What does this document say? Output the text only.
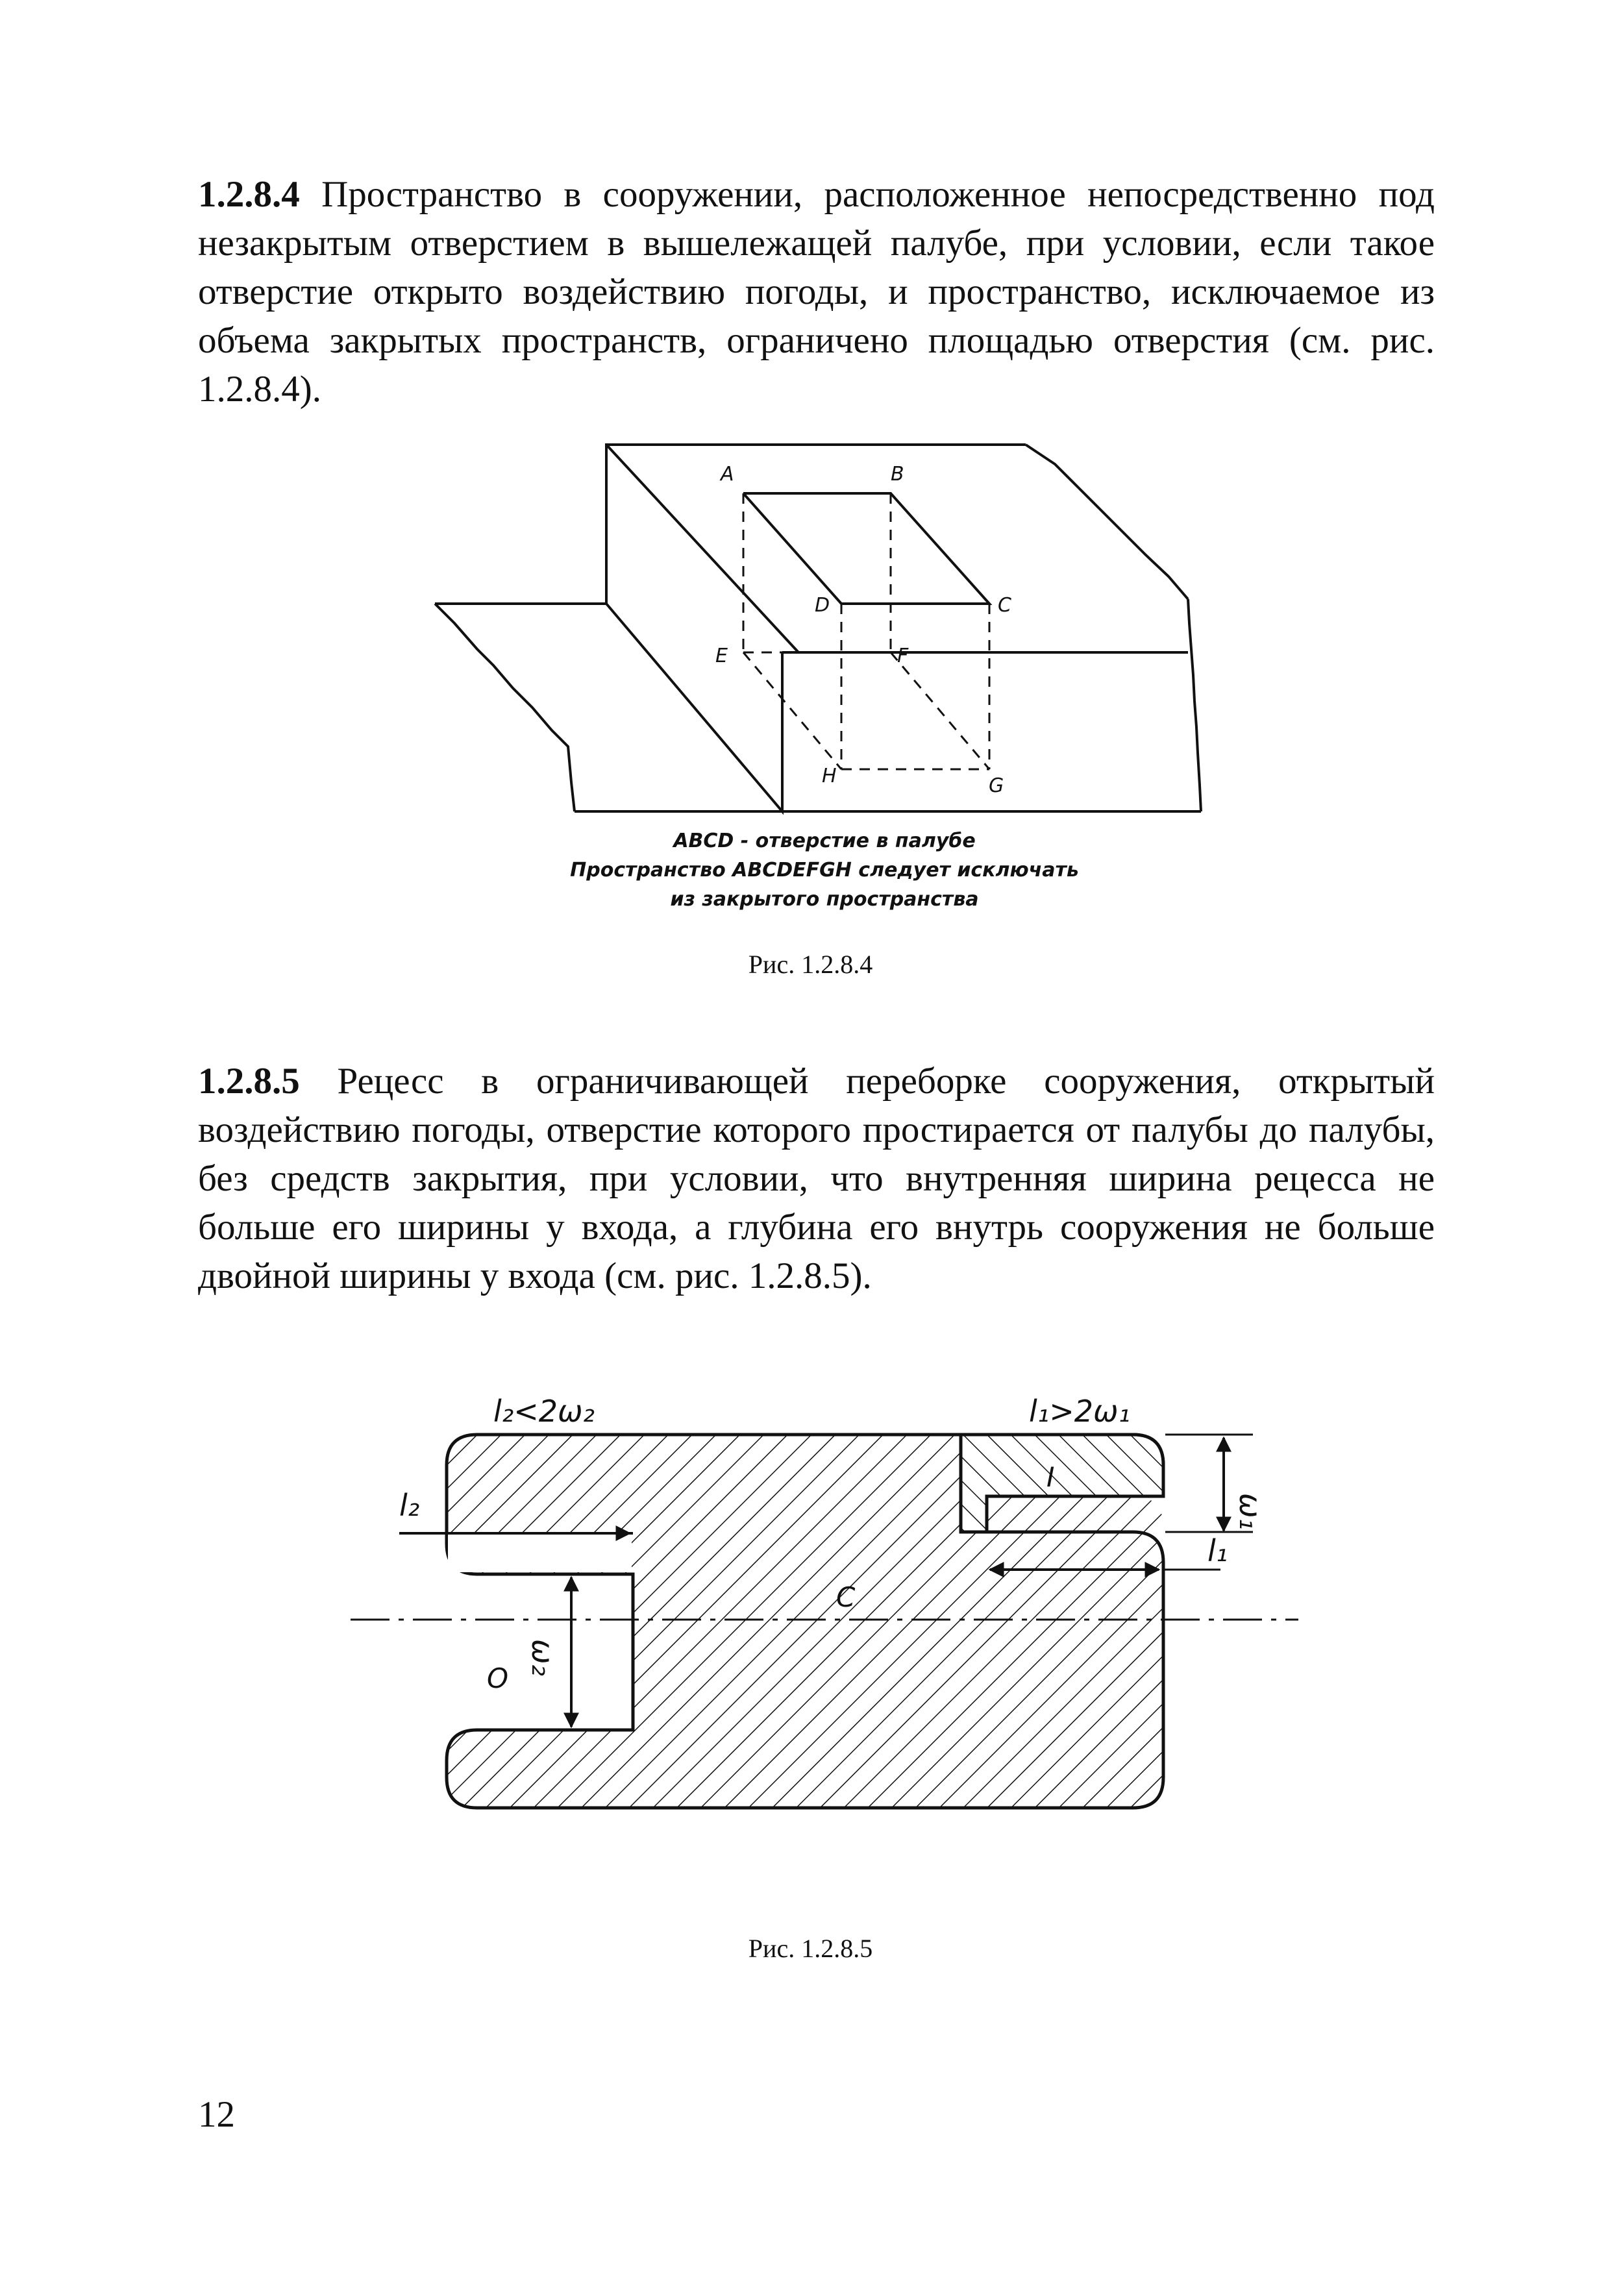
1.2.8.4 Пространство в сооружении, расположенное непосредственно под незакрытым отверстием в вышележащей палубе, при условии, если такое отверстие открыто воздействию погоды, и пространство, исключаемое из объема закрытых пространств, ограничено площадью отверстия (см. рис. 1.2.8.4).
A	B
C
D
E	F
G
H
ABCD - отверстие в палубе
Пространство ABCDEFGH следует исключать
из закрытого пространства
Рис. 1.2.8.4
1.2.8.5 Рецесс в ограничивающей переборке сооружения, открытый воздействию погоды, отверстие которого простирается от палубы до палубы, без средств закрытия, при условии, что внутренняя ширина рецесса не больше его ширины у входа, а глубина его внутрь сооружения не больше двойной ширины у входа (см. рис. 1.2.8.5).
l₂<2ω₂	l₁>2ω₁
l₂
l₁
ω₁
ω₂
C
O
I
Рис. 1.2.8.5
12
